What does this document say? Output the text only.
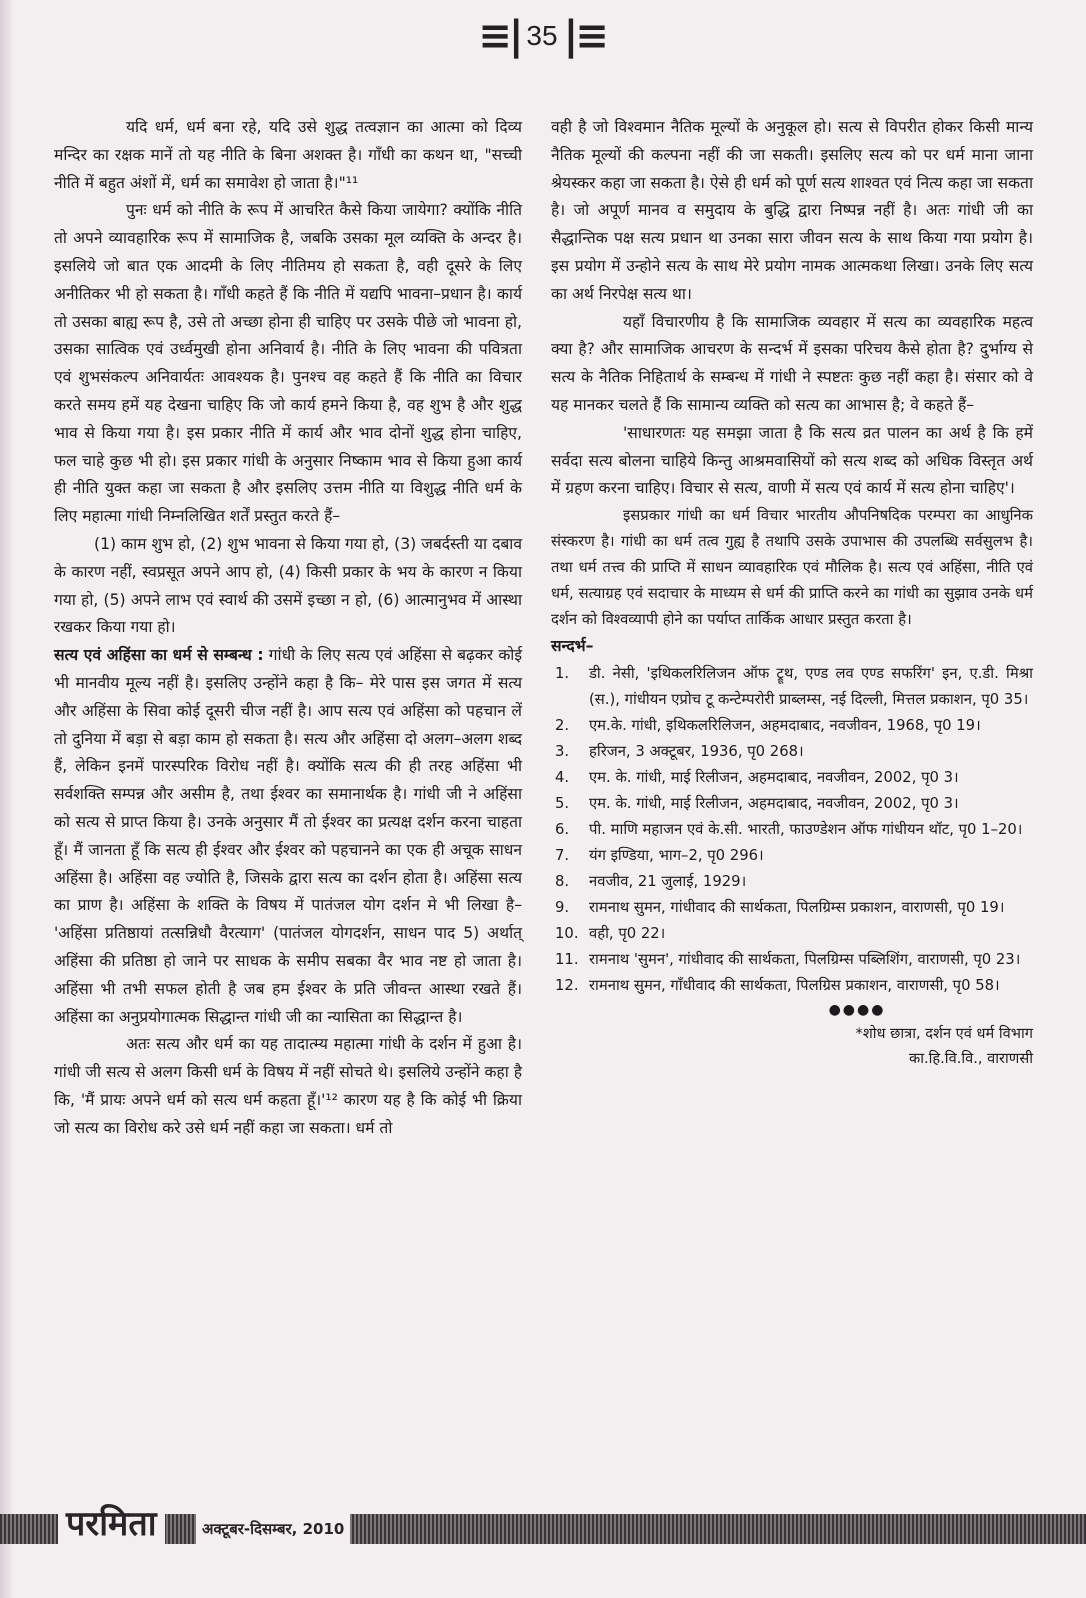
≡| 35 |≡

यदि धर्म, धर्म बना रहे, यदि उसे शुद्ध तत्वज्ञान का आत्मा को दिव्य मन्दिर का रक्षक मानें तो यह नीति के बिना अशक्त है। गाँधी का कथन था, "सच्ची नीति में बहुत अंशों में, धर्म का समावेश हो जाता है।"¹¹

पुनः धर्म को नीति के रूप में आचरित कैसे किया जायेगा? क्योंकि नीति तो अपने व्यावहारिक रूप में सामाजिक है, जबकि उसका मूल व्यक्ति के अन्दर है। इसलिये जो बात एक आदमी के लिए नीतिमय हो सकता है, वही दूसरे के लिए अनीतिकर भी हो सकता है। गाँधी कहते हैं कि नीति में यद्यपि भावना–प्रधान है। कार्य तो उसका बाह्य रूप है, उसे तो अच्छा होना ही चाहिए पर उसके पीछे जो भावना हो, उसका सात्विक एवं उर्ध्वमुखी होना अनिवार्य है। नीति के लिए भावना की पवित्रता एवं शुभसंकल्प अनिवार्यतः आवश्यक है। पुनश्च वह कहते हैं कि नीति का विचार करते समय हमें यह देखना चाहिए कि जो कार्य हमने किया है, वह शुभ है और शुद्ध भाव से किया गया है। इस प्रकार नीति में कार्य और भाव दोनों शुद्ध होना चाहिए, फल चाहे कुछ भी हो। इस प्रकार गांधी के अनुसार निष्काम भाव से किया हुआ कार्य ही नीति युक्त कहा जा सकता है और इसलिए उत्तम नीति या विशुद्ध नीति धर्म के लिए महात्मा गांधी निम्नलिखित शर्तें प्रस्तुत करते हैं–

(1) काम शुभ हो, (2) शुभ भावना से किया गया हो, (3) जबर्दस्ती या दबाव के कारण नहीं, स्वप्रसूत अपने आप हो, (4) किसी प्रकार के भय के कारण न किया गया हो, (5) अपने लाभ एवं स्वार्थ की उसमें इच्छा न हो, (6) आत्मानुभव में आस्था रखकर किया गया हो।

सत्य एवं अहिंसा का धर्म से सम्बन्ध : गांधी के लिए सत्य एवं अहिंसा से बढ़कर कोई भी मानवीय मूल्य नहीं है। इसलिए उन्होंने कहा है कि– मेरे पास इस जगत में सत्य और अहिंसा के सिवा कोई दूसरी चीज नहीं है। आप सत्य एवं अहिंसा को पहचान लें तो दुनिया में बड़ा से बड़ा काम हो सकता है। सत्य और अहिंसा दो अलग–अलग शब्द हैं, लेकिन इनमें पारस्परिक विरोध नहीं है। क्योंकि सत्य की ही तरह अहिंसा भी सर्वशक्ति सम्पन्न और असीम है, तथा ईश्वर का समानार्थक है। गांधी जी ने अहिंसा को सत्य से प्राप्त किया है। उनके अनुसार मैं तो ईश्वर का प्रत्यक्ष दर्शन करना चाहता हूँ। मैं जानता हूँ कि सत्य ही ईश्वर और ईश्वर को पहचानने का एक ही अचूक साधन अहिंसा है। अहिंसा वह ज्योति है, जिसके द्वारा सत्य का दर्शन होता है। अहिंसा सत्य का प्राण है। अहिंसा के शक्ति के विषय में पातंजल योग दर्शन मे भी लिखा है– 'अहिंसा प्रतिष्ठायां तत्सन्निधौ वैरत्याग' (पातंजल योगदर्शन, साधन पाद 5) अर्थात् अहिंसा की प्रतिष्ठा हो जाने पर साधक के समीप सबका वैर भाव नष्ट हो जाता है। अहिंसा भी तभी सफल होती है जब हम ईश्वर के प्रति जीवन्त आस्था रखते हैं। अहिंसा का अनुप्रयोगात्मक सिद्धान्त गांधी जी का न्यासिता का सिद्धान्त है।

अतः सत्य और धर्म का यह तादात्म्य महात्मा गांधी के दर्शन में हुआ है। गांधी जी सत्य से अलग किसी धर्म के विषय में नहीं सोचते थे। इसलिये उन्होंने कहा है कि, 'मैं प्रायः अपने धर्म को सत्य धर्म कहता हूँ।'¹² कारण यह है कि कोई भी क्रिया जो सत्य का विरोध करे उसे धर्म नहीं कहा जा सकता। धर्म तो

वही है जो विश्वमान नैतिक मूल्यों के अनुकूल हो। सत्य से विपरीत होकर किसी मान्य नैतिक मूल्यों की कल्पना नहीं की जा सकती। इसलिए सत्य को पर धर्म माना जाना श्रेयस्कर कहा जा सकता है। ऐसे ही धर्म को पूर्ण सत्य शाश्वत एवं नित्य कहा जा सकता है। जो अपूर्ण मानव व समुदाय के बुद्धि द्वारा निष्पन्न नहीं है। अतः गांधी जी का सैद्धान्तिक पक्ष सत्य प्रधान था उनका सारा जीवन सत्य के साथ किया गया प्रयोग है। इस प्रयोग में उन्होने सत्य के साथ मेरे प्रयोग नामक आत्मकथा लिखा। उनके लिए सत्य का अर्थ निरपेक्ष सत्य था।

यहाँ विचारणीय है कि सामाजिक व्यवहार में सत्य का व्यवहारिक महत्व क्या है? और सामाजिक आचरण के सन्दर्भ में इसका परिचय कैसे होता है? दुर्भाग्य से सत्य के नैतिक निहितार्थ के सम्बन्ध में गांधी ने स्पष्टतः कुछ नहीं कहा है। संसार को वे यह मानकर चलते हैं कि सामान्य व्यक्ति को सत्य का आभास है; वे कहते हैं–

'साधारणतः यह समझा जाता है कि सत्य व्रत पालन का अर्थ है कि हमें सर्वदा सत्य बोलना चाहिये किन्तु आश्रमवासियों को सत्य शब्द को अधिक विस्तृत अर्थ में ग्रहण करना चाहिए। विचार से सत्य, वाणी में सत्य एवं कार्य में सत्य होना चाहिए'।

इसप्रकार गांधी का धर्म विचार भारतीय औपनिषदिक परम्परा का आधुनिक संस्करण है। गांधी का धर्म तत्व गुह्य है तथापि उसके उपाभास की उपलब्धि सर्वसुलभ है। तथा धर्म तत्त्व की प्राप्ति में साधन व्यावहारिक एवं मौलिक है। सत्य एवं अहिंसा, नीति एवं धर्म, सत्याग्रह एवं सदाचार के माध्यम से धर्म की प्राप्ति करने का गांधी का सुझाव उनके धर्म दर्शन को विश्वव्यापी होने का पर्याप्त तार्किक आधार प्रस्तुत करता है।

सन्दर्भ–

1. डी. नेसी, 'इथिकलरिलिजन ऑफ ट्रूथ, एण्ड लव एण्ड सफरिंग' इन, ए.डी. मिश्रा (स.), गांधीयन एप्रोच टू कन्टेम्परोरी प्राब्लम्स, नई दिल्ली, मित्तल प्रकाशन, पृ0 35।
2. एम.के. गांधी, इथिकलरिलिजन, अहमदाबाद, नवजीवन, 1968, पृ0 19।
3. हरिजन, 3 अक्टूबर, 1936, पृ0 268।
4. एम. के. गांधी, माई रिलीजन, अहमदाबाद, नवजीवन, 2002, पृ0 3।
5. एम. के. गांधी, माई रिलीजन, अहमदाबाद, नवजीवन, 2002, पृ0 3।
6. पी. माणि महाजन एवं के.सी. भारती, फाउण्डेशन ऑफ गांधीयन थॉट, पृ0 1–20।
7. यंग इण्डिया, भाग–2, पृ0 296।
8. नवजीव, 21 जुलाई, 1929।
9. रामनाथ सुमन, गांधीवाद की सार्थकता, पिलग्रिम्स प्रकाशन, वाराणसी, पृ0 19।
10. वही, पृ0 22।
11. रामनाथ 'सुमन', गांधीवाद की सार्थकता, पिलग्रिम्स पब्लिशिंग, वाराणसी, पृ0 23।
12. रामनाथ सुमन, गाँधीवाद की सार्थकता, पिलग्रिस प्रकाशन, वाराणसी, पृ0 58।
●●●●
*शोध छात्रा, दर्शन एवं धर्म विभाग
का.हि.वि.वि., वाराणसी
परमिता	अक्टूबर-दिसम्बर, 2010
